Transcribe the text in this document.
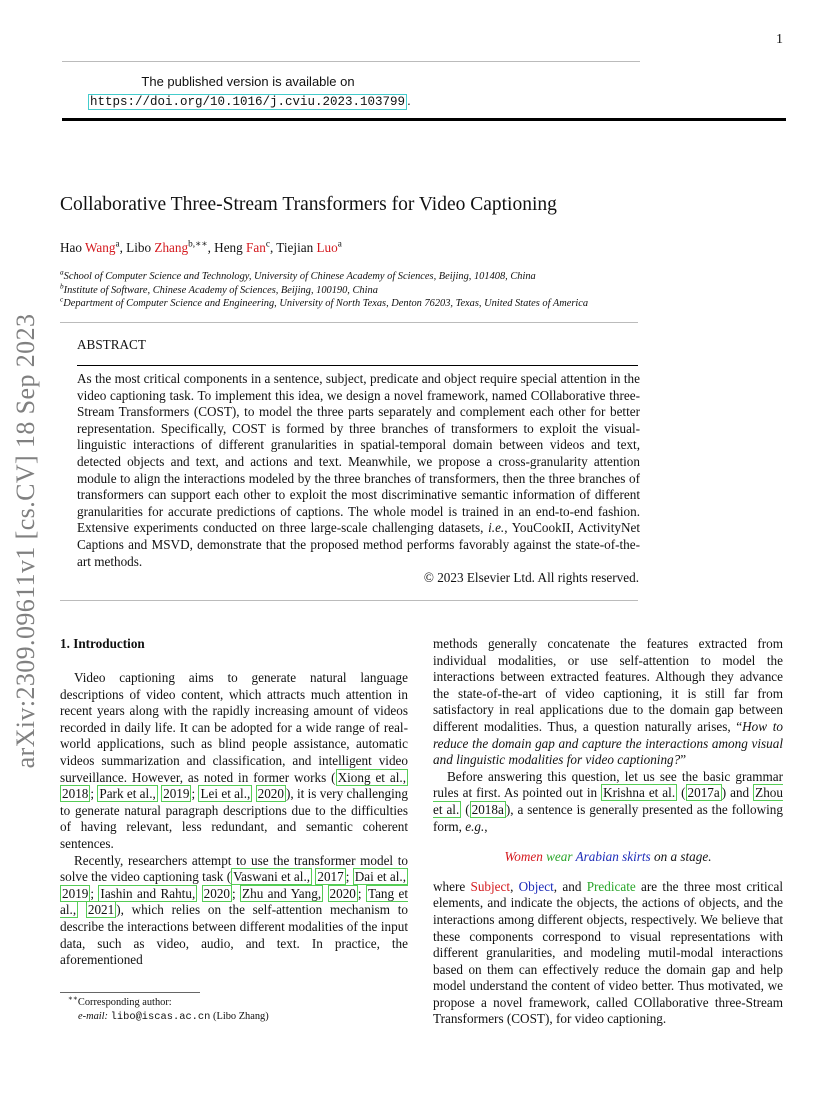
1
The published version is available on
https://doi.org/10.1016/j.cviu.2023.103799 .
arXiv:2309.09611v1 [cs.CV] 18 Sep 2023
Collaborative Three-Stream Transformers for Video Captioning
Hao Wang$^a$, Libo Zhang$^{b,∗∗}$, Heng Fan$^c$, Tiejian Luo$^a$
$^a$School of Computer Science and Technology, University of Chinese Academy of Sciences, Beijing, 101408, China
$^b$Institute of Software, Chinese Academy of Sciences, Beijing, 100190, China
$^c$Department of Computer Science and Engineering, University of North Texas, Denton 76203, Texas, United States of America
ABSTRACT
As the most critical components in a sentence, subject, predicate and object require special attention in the video captioning task. To implement this idea, we design a novel framework, named COllaborative three-Stream Transformers (COST), to model the three parts separately and complement each other for better representation. Specifically, COST is formed by three branches of transformers to exploit the visual-linguistic interactions of different granularities in spatial-temporal domain between videos and text, detected objects and text, and actions and text. Meanwhile, we propose a cross-granularity attention module to align the interactions modeled by the three branches of transformers, then the three branches of transformers can support each other to exploit the most discriminative semantic information of different granularities for accurate predictions of captions. The whole model is trained in an end-to-end fashion. Extensive experiments conducted on three large-scale challenging datasets, i.e., YouCookII, ActivityNet Captions and MSVD, demonstrate that the proposed method performs favorably against the state-of-the-art methods.
© 2023 Elsevier Ltd. All rights reserved.
1. Introduction

Video captioning aims to generate natural language descriptions of video content, which attracts much attention in recent years along with the rapidly increasing amount of videos recorded in daily life. It can be adopted for a wide range of real-world applications, such as blind people assistance, automatic videos summarization and classification, and intelligent video surveillance. However, as noted in former works ( Xiong et al., 2018 ; Park et al., 2019 ; Lei et al., 2020 ), it is very challenging to generate natural paragraph descriptions due to the difficulties of having relevant, less redundant, and semantic coherent sentences.

Recently, researchers attempt to use the transformer model to solve the video captioning task ( Vaswani et al., 2017 ; Dai et al., 2019 ; Iashin and Rahtu, 2020 ; Zhu and Yang, 2020 ; Tang et al., 2021 ), which relies on the self-attention mechanism to describe the interactions between different modalities of the input data, such as video, audio, and text. In practice, the aforementioned

∗∗Corresponding author:
e-mail: libo@iscas.ac.cn (Libo Zhang)

methods generally concatenate the features extracted from individual modalities, or use self-attention to model the interactions between extracted features. Although they advance the state-of-the-art of video captioning, it is still far from satisfactory in real applications due to the domain gap between different modalities. Thus, a question naturally arises, “How to reduce the domain gap and capture the interactions among visual and linguistic modalities for video captioning?”

Before answering this question, let us see the basic grammar rules at first. As pointed out in Krishna et al. ( 2017a ) and Zhou et al. ( 2018a ), a sentence is generally presented as the following form, e.g.,

Women wear Arabian skirts on a stage.

where Subject, Object, and Predicate are the three most critical elements, and indicate the objects, the actions of objects, and the interactions among different objects, respectively. We believe that these components correspond to visual representations with different granularities, and modeling mutil-modal interactions based on them can effectively reduce the domain gap and help model understand the content of video better. Thus motivated, we propose a novel framework, called COllaborative three-Stream Transformers (COST), for video captioning.
